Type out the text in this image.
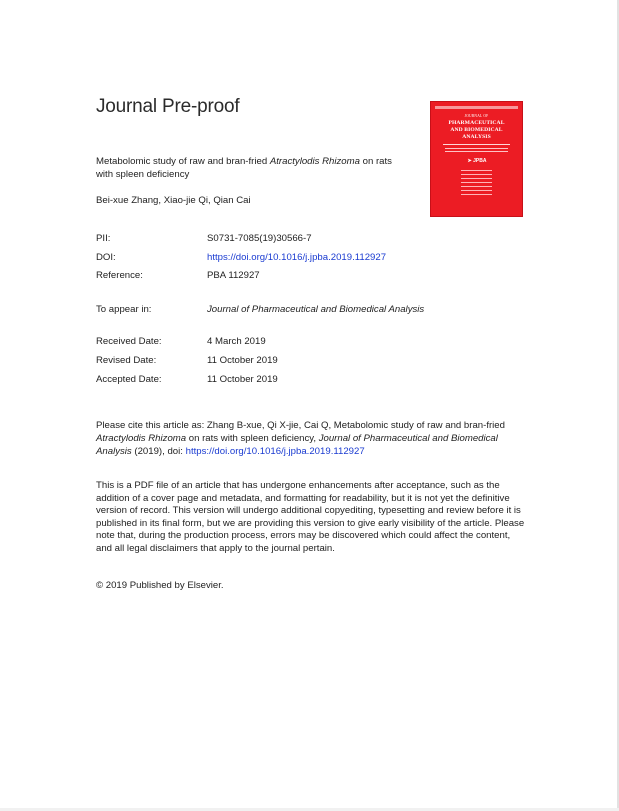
Journal Pre-proof
Metabolomic study of raw and bran-fried Atractylodis Rhizoma on rats
with spleen deficiency
Bei-xue Zhang, Xiao-jie Qi, Qian Cai
JOURNAL OF
PHARMACEUTICAL
AND BIOMEDICAL
ANALYSIS
➤ JPBA
PII:	S0731-7085(19)30566-7
DOI:	https://doi.org/10.1016/j.jpba.2019.112927
Reference:	PBA 112927
To appear in:	Journal of Pharmaceutical and Biomedical Analysis
Received Date:	4 March 2019
Revised Date:	11 October 2019
Accepted Date:	11 October 2019
Please cite this article as: Zhang B-xue, Qi X-jie, Cai Q, Metabolomic study of raw and bran-fried Atractylodis Rhizoma on rats with spleen deficiency, Journal of Pharmaceutical and Biomedical Analysis (2019), doi: https://doi.org/10.1016/j.jpba.2019.112927
This is a PDF file of an article that has undergone enhancements after acceptance, such as the addition of a cover page and metadata, and formatting for readability, but it is not yet the definitive version of record. This version will undergo additional copyediting, typesetting and review before it is published in its final form, but we are providing this version to give early visibility of the article. Please note that, during the production process, errors may be discovered which could affect the content, and all legal disclaimers that apply to the journal pertain.
© 2019 Published by Elsevier.
